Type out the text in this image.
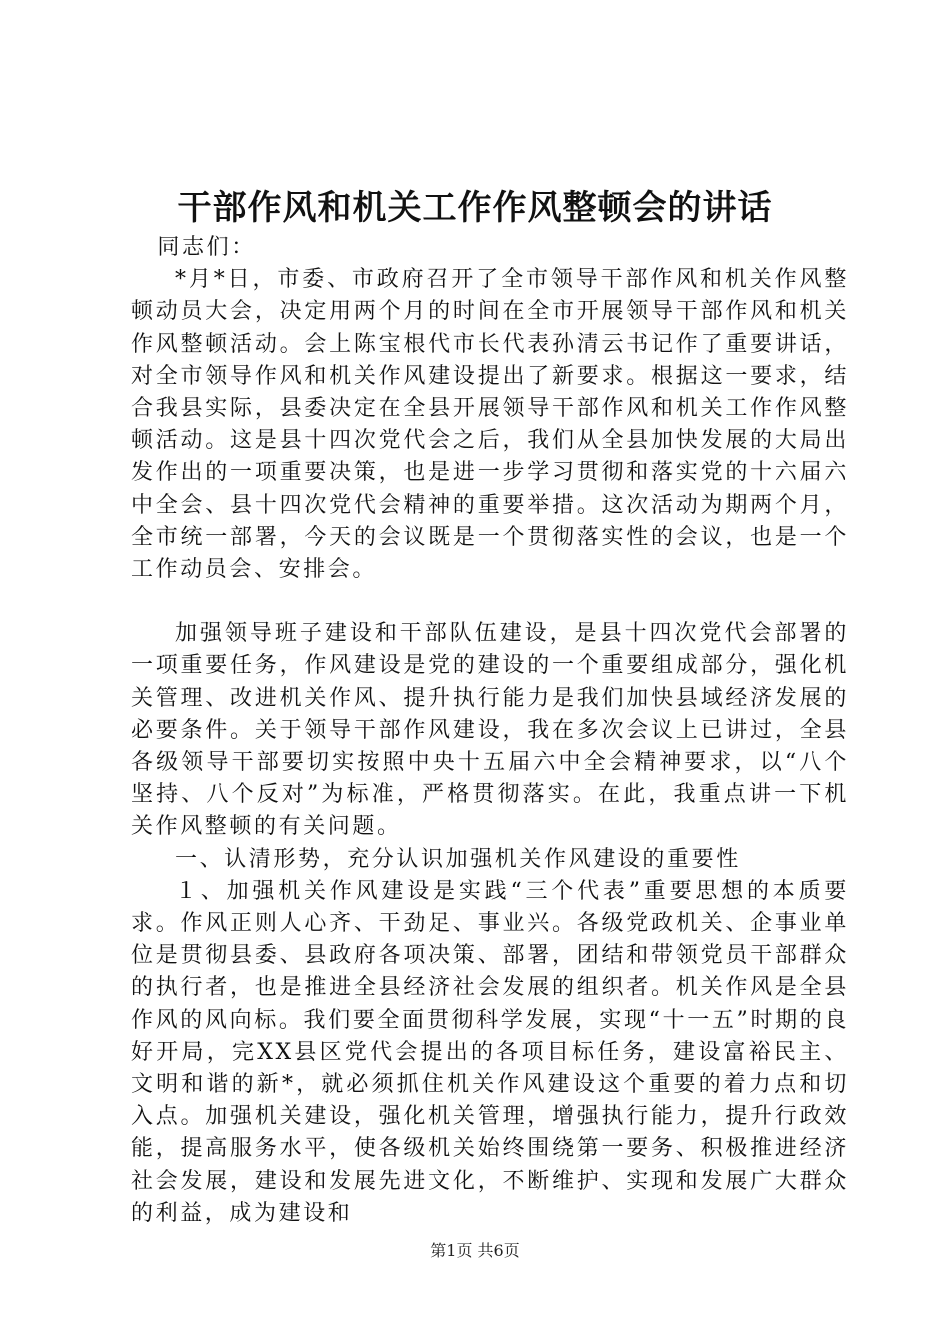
干部作风和机关工作作风整顿会的讲话

同志们：

*月*日，市委、市政府召开了全市领导干部作风和机关作风整顿动员大会，决定用两个月的时间在全市开展领导干部作风和机关作风整顿活动。会上陈宝根代市长代表孙清云书记作了重要讲话，对全市领导作风和机关作风建设提出了新要求。根据这一要求，结合我县实际，县委决定在全县开展领导干部作风和机关工作作风整顿活动。这是县十四次党代会之后，我们从全县加快发展的大局出发作出的一项重要决策，也是进一步学习贯彻和落实党的十六届六中全会、县十四次党代会精神的重要举措。这次活动为期两个月，全市统一部署，今天的会议既是一个贯彻落实性的会议，也是一个工作动员会、安排会。

加强领导班子建设和干部队伍建设，是县十四次党代会部署的一项重要任务，作风建设是党的建设的一个重要组成部分，强化机关管理、改进机关作风、提升执行能力是我们加快县域经济发展的必要条件。关于领导干部作风建设，我在多次会议上已讲过，全县各级领导干部要切实按照中央十五届六中全会精神要求，以“八个坚持、八个反对”为标准，严格贯彻落实。在此，我重点讲一下机关作风整顿的有关问题。

一、认清形势，充分认识加强机关作风建设的重要性

１、加强机关作风建设是实践“三个代表”重要思想的本质要求。作风正则人心齐、干劲足、事业兴。各级党政机关、企事业单位是贯彻县委、县政府各项决策、部署，团结和带领党员干部群众的执行者，也是推进全县经济社会发展的组织者。机关作风是全县作风的风向标。我们要全面贯彻科学发展，实现“十一五”时期的良好开局，完XX县区党代会提出的各项目标任务，建设富裕民主、文明和谐的新*，就必须抓住机关作风建设这个重要的着力点和切入点。加强机关建设，强化机关管理，增强执行能力，提升行政效能，提高服务水平，使各级机关始终围绕第一要务、积极推进经济社会发展，建设和发展先进文化，不断维护、实现和发展广大群众的利益，成为建设和

第1页 共6页
